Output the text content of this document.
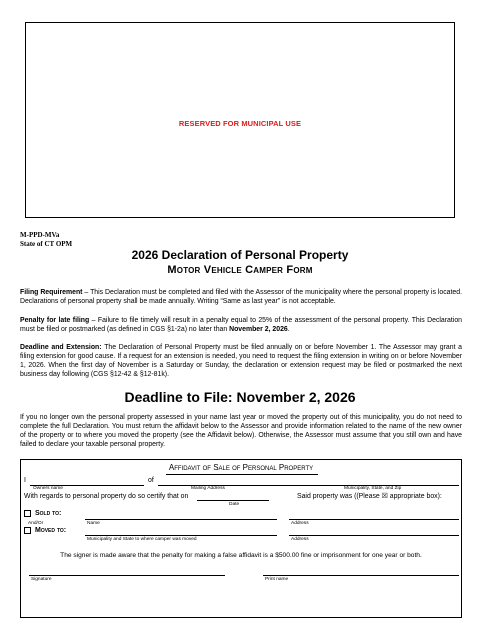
RESERVED FOR MUNICIPAL USE
M-PPD-MVa
State of CT OPM
2026 Declaration of Personal Property
Motor Vehicle Camper Form
Filing Requirement – This Declaration must be completed and filed with the Assessor of the municipality where the personal property is located. Declarations of personal property shall be made annually. Writing “Same as last year” is not acceptable.
Penalty for late filing – Failure to file timely will result in a penalty equal to 25% of the assessment of the personal property. This Declaration must be filed or postmarked (as defined in CGS §1-2a) no later than November 2, 2026.
Deadline and Extension: The Declaration of Personal Property must be filed annually on or before November 1. The Assessor may grant a filing extension for good cause. If a request for an extension is needed, you need to request the filing extension in writing on or before November 1, 2026. When the first day of November is a Saturday or Sunday, the declaration or extension request may be filed or postmarked the next business day following (CGS §12-42 & §12-81k).
Deadline to File: November 2, 2026
If you no longer own the personal property assessed in your name last year or moved the property out of this municipality, you do not need to complete the full Declaration. You must return the affidavit below to the Assessor and provide information related to the name of the new owner of the property or to where you moved the property (see the Affidavit below). Otherwise, the Assessor must assume that you still own and have failed to declare your taxable personal property.
Affidavit of Sale of Personal Property
I	of
Owners name	Mailing Address	Municipality, State, and Zip
With regards to personal property do so certify that on
Date
Said property was ((Please ☒ appropriate box):
Sold to:
And/Or	Name	Address
Moved to:
Municipality and State to where camper was moved	Address
The signer is made aware that the penalty for making a false affidavit is a $500.00 fine or imprisonment for one year or both.
Signature	Print name
